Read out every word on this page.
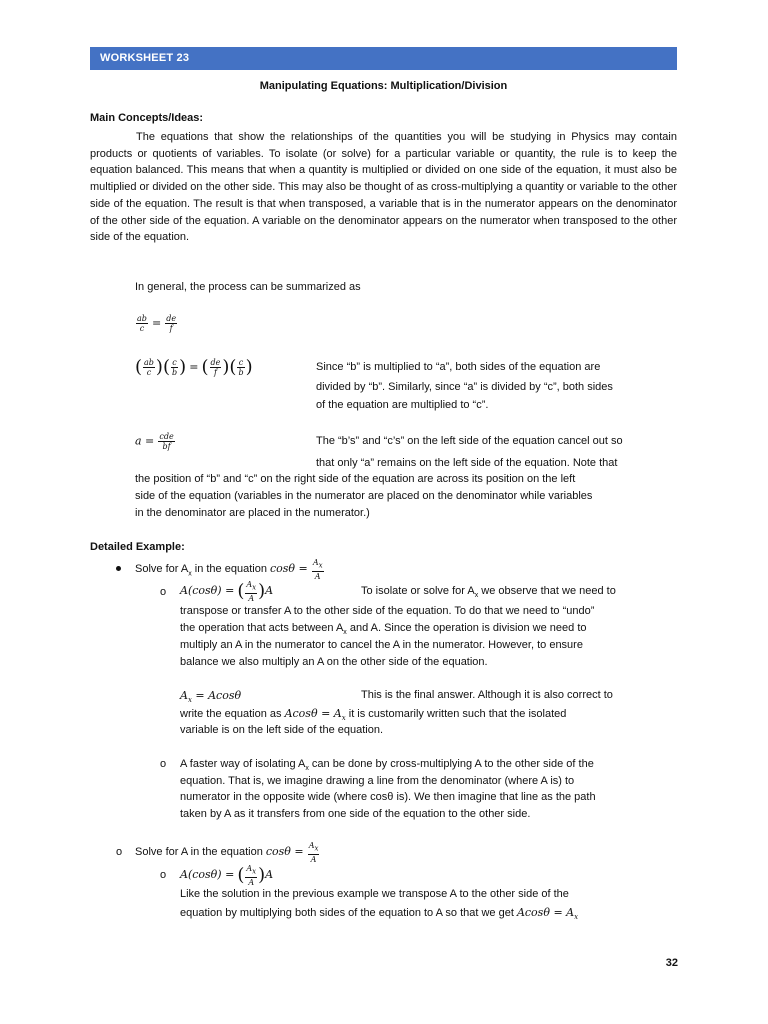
WORKSHEET 23
Manipulating Equations: Multiplication/Division
Main Concepts/Ideas:
The equations that show the relationships of the quantities you will be studying in Physics may contain products or quotients of variables. To isolate (or solve) for a particular variable or quantity, the rule is to keep the equation balanced. This means that when a quantity is multiplied or divided on one side of the equation, it must also be multiplied or divided on the other side. This may also be thought of as cross-multiplying a quantity or variable to the other side of the equation. The result is that when transposed, a variable that is in the numerator appears on the denominator of the other side of the equation. A variable on the denominator appears on the numerator when transposed to the other side of the equation.
In general, the process can be summarized as
$\frac{ab}{c} = \frac{de}{f}$
( $\frac{ab}{c}$ )( $\frac{c}{b}$ ) = ( $\frac{de}{f}$ )( $\frac{c}{b}$ )	Since “b” is multiplied to “a”, both sides of the equation are
divided by “b”. Similarly, since “a” is divided by “c”, both sides
of the equation are multiplied to “c”.
$a = \frac{\text{cde}}{bf}$	The “b’s” and “c’s” on the left side of the equation cancel out so
that only “a” remains on the left side of the equation. Note that
the position of “b” and “c” on the right side of the equation are across its position on the left
side of the equation (variables in the numerator are placed on the denominator while variables
in the denominator are placed in the numerator.)
Detailed Example:
Solve for $A_x$ in the equation $\cos\theta = \frac{A_x}{A}$
o A(cosθ) = ( $\frac{A_x}{A} )A$	To isolate or solve for $A_x$ we observe that we need to
transpose or transfer A to the other side of the equation. To do that we need to “undo”
the operation that acts between $A_x$ and A. Since the operation is division we need to
multiply an A in the numerator to cancel the A in the numerator. However, to ensure
balance we also multiply an A on the other side of the equation.
$A_x = Acos\theta$	This is the final answer. Although it is also correct to
write the equation as $Acos\theta = A_x$ it is customarily written such that the isolated
variable is on the left side of the equation.
o A faster way of isolating $A_x$ can be done by cross-multiplying A to the other side of the
equation. That is, we imagine drawing a line from the denominator (where A is) to
numerator in the opposite wide (where cosθ is). We then imagine that line as the path
taken by A as it transfers from one side of the equation to the other side.
o Solve for A in the equation $\cos\theta = \frac{A_x}{A}$
o A(cosθ) = ( $\frac{A_x}{A} )A$
Like the solution in the previous example we transpose A to the other side of the
equation by multiplying both sides of the equation to A so that we get $Acos\theta = A_x$
32
